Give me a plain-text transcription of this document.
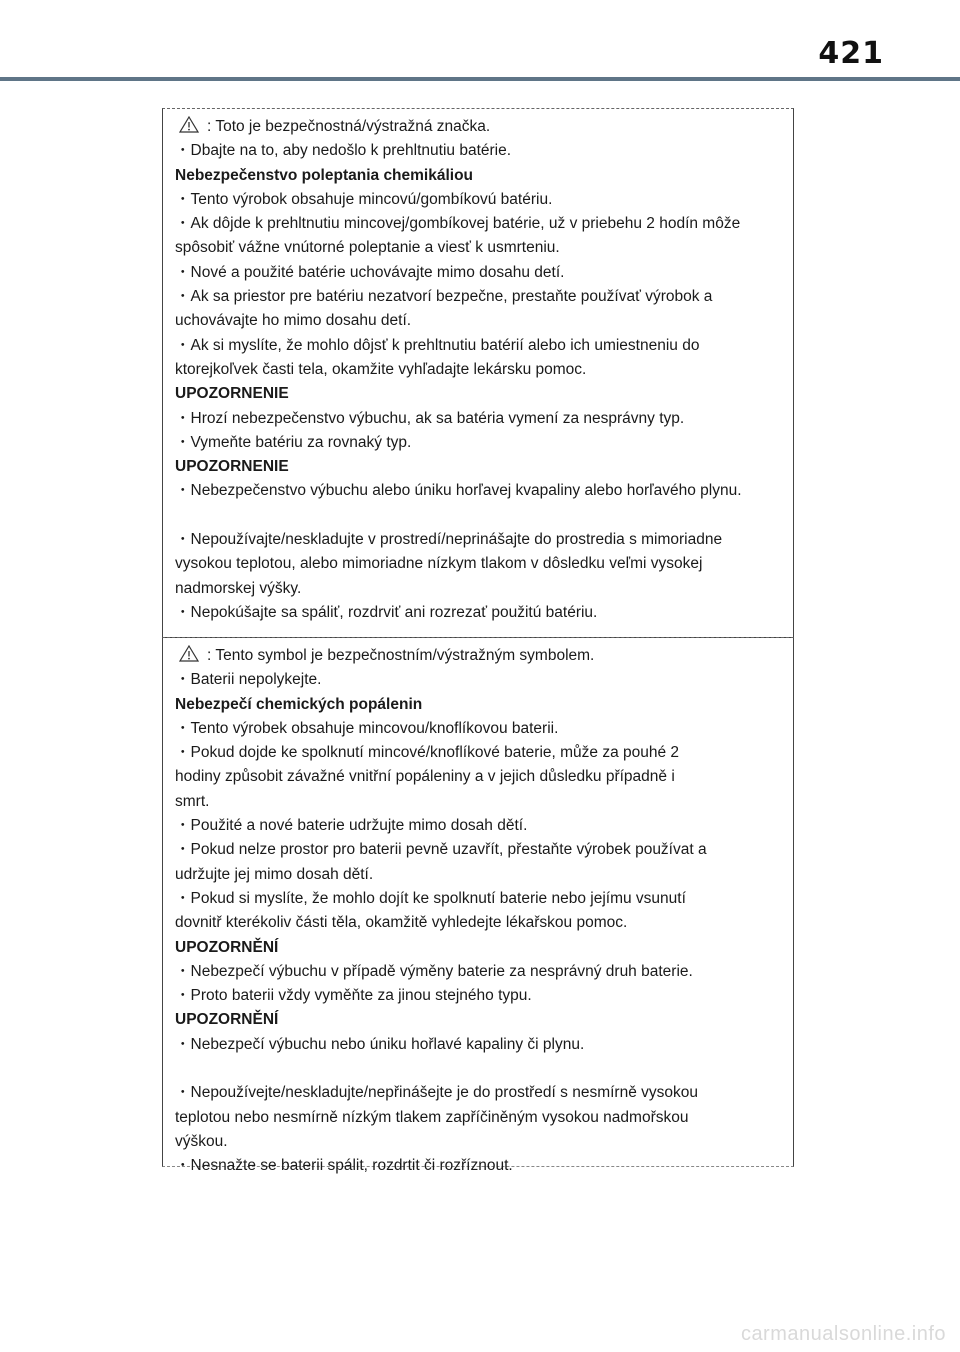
421
: Toto je bezpečnostná/výstražná značka.
・Dbajte na to, aby nedošlo k prehltnutiu batérie.
Nebezpečenstvo poleptania chemikáliou
・Tento výrobok obsahuje mincovú/gombíkovú batériu.
・Ak dôjde k prehltnutiu mincovej/gombíkovej batérie, už v priebehu 2 hodín môže
spôsobiť vážne vnútorné poleptanie a viesť k usmrteniu.
・Nové a použité batérie uchovávajte mimo dosahu detí.
・Ak sa priestor pre batériu nezatvorí bezpečne, prestaňte používať výrobok a
uchovávajte ho mimo dosahu detí.
・Ak si myslíte, že mohlo dôjsť k prehltnutiu batérií alebo ich umiestneniu do
ktorejkoľvek časti tela, okamžite vyhľadajte lekársku pomoc.
UPOZORNENIE
・Hrozí nebezpečenstvo výbuchu, ak sa batéria vymení za nesprávny typ.
・Vymeňte batériu za rovnaký typ.
UPOZORNENIE
・Nebezpečenstvo výbuchu alebo úniku horľavej kvapaliny alebo horľavého plynu.
・Nepoužívajte/neskladujte v prostredí/neprinášajte do prostredia s mimoriadne
vysokou teplotou, alebo mimoriadne nízkym tlakom v dôsledku veľmi vysokej
nadmorskej výšky.
・Nepokúšajte sa spáliť, rozdrviť ani rozrezať použitú batériu.
: Tento symbol je bezpečnostním/výstražným symbolem.
・Baterii nepolykejte.
Nebezpečí chemických popálenin
・Tento výrobek obsahuje mincovou/knoflíkovou baterii.
・Pokud dojde ke spolknutí mincové/knoflíkové baterie, může za pouhé 2
hodiny způsobit závažné vnitřní popáleniny a v jejich důsledku případně i
smrt.
・Použité a nové baterie udržujte mimo dosah dětí.
・Pokud nelze prostor pro baterii pevně uzavřít, přestaňte výrobek používat a
udržujte jej mimo dosah dětí.
・Pokud si myslíte, že mohlo dojít ke spolknutí baterie nebo jejímu vsunutí
dovnitř kterékoliv části těla, okamžitě vyhledejte lékařskou pomoc.
UPOZORNĚNÍ
・Nebezpečí výbuchu v případě výměny baterie za nesprávný druh baterie.
・Proto baterii vždy vyměňte za jinou stejného typu.
UPOZORNĚNÍ
・Nebezpečí výbuchu nebo úniku hořlavé kapaliny či plynu.
・Nepoužívejte/neskladujte/nepřinášejte je do prostředí s nesmírně vysokou
teplotou nebo nesmírně nízkým tlakem zapříčiněným vysokou nadmořskou
výškou.
・Nesnažte se baterii spálit, rozdrtit či rozříznout.
carmanualsonline.info
